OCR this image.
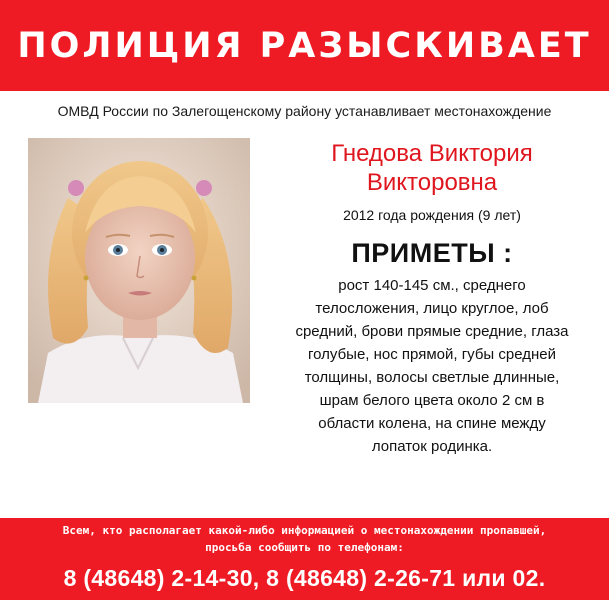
ПОЛИЦИЯ РАЗЫСКИВАЕТ
ОМВД России по Залегощенскому району устанавливает местонахождение

Гнедова Виктория
Викторовна

2012 года рождения (9 лет)
ПРИМЕТЫ :
рост 140-145 см., среднего
телосложения, лицо круглое, лоб
средний, брови прямые средние, глаза
голубые, нос прямой, губы средней
толщины, волосы светлые длинные,
шрам белого цвета около 2 см в
области колена, на спине между
лопаток родинка.
Всем, кто располагает какой-либо информацией о местонахождении пропавшей,
просьба сообщить по телефонам:
8 (48648) 2-14-30, 8 (48648) 2-26-71 или 02.
